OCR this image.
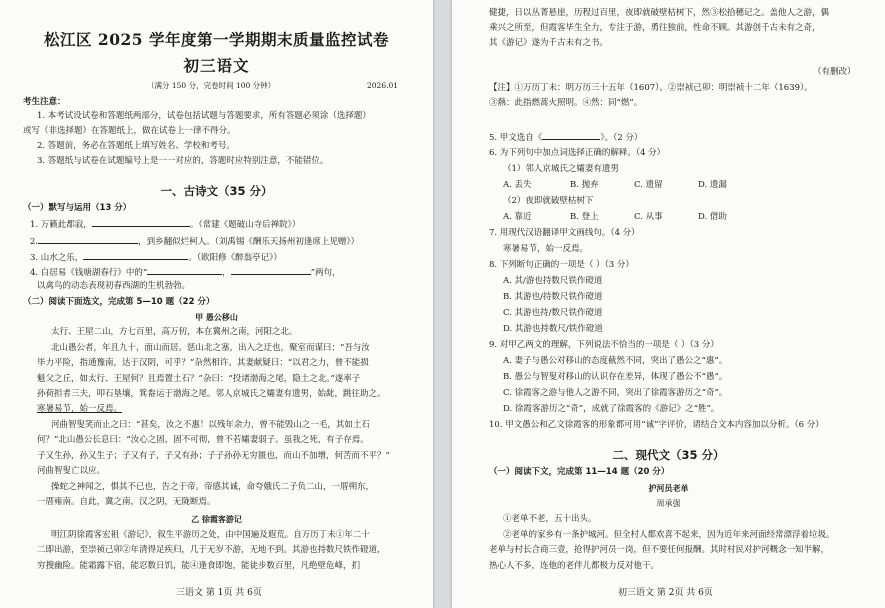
松江区 2025 学年度第一学期期末质量监控试卷
初三语文
（满分 150 分，完卷时间 100 分钟）	2026.01
考生注意：
1. 本考试设试卷和答题纸两部分，试卷包括试题与答题要求，所有答题必须涂（选择题）
或写（非选择题）在答题纸上，做在试卷上一律不得分。
2. 答题前，务必在答题纸上填写姓名、学校和考号。
3. 答题纸与试卷在试题编号上是一一对应的，答题时应特别注意，不能错位。
一、古诗文（35 分）
（一）默写与运用（13 分）
1. 万籁此都寂，	。（常建《题破山寺后禅院》）
2.	，到乡翻似烂柯人。（刘禹锡《酬乐天扬州初逢席上见赠》）
3. 山水之乐，	。（欧阳修《醉翁亭记》）
4. 白居易《钱塘湖春行》中的“	，	”两句，
以禽鸟的动态表现初春西湖的生机勃勃。
（二）阅读下面选文，完成第 5—10 题（22 分）
甲 愚公移山
太行、王屋二山，方七百里，高万仞，本在冀州之南，河阳之北。
北山愚公者，年且九十，面山而居。惩山北之塞，出入之迂也，聚室而谋曰：“吾与汝
毕力平险，指通豫南，达于汉阴，可乎？”杂然相许。其妻献疑曰：“以君之力，曾不能损
魁父之丘，如太行、王屋何？且焉置土石？”杂曰：“投诸渤海之尾，隐土之北。”遂率子
孙荷担者三夫，叩石垦壤，箕畚运于渤海之尾。邻人京城氏之孀妻有遗男，始龀，跳往助之。
寒暑易节，始一反焉。
河曲智叟笑而止之曰：“甚矣，汝之不惠！以残年余力，曾不能毁山之一毛，其如土石
何？”北山愚公长息曰：“汝心之固，固不可彻，曾不若孀妻弱子。虽我之死，有子存焉。
子又生孙，孙又生子；子又有子，子又有孙；子子孙孙无穷匮也，而山不加增，何苦而不平？”
河曲智叟亡以应。
操蛇之神闻之，惧其不已也，告之于帝。帝感其诚，命夸娥氏二子负二山，一厝朔东，
一厝雍南。自此，冀之南，汉之阴，无陇断焉。
乙 徐霞客游记
明江阴徐霞客宏祖《游记》，叙生平游历之处，由中国遍及遐荒。自万历丁未①年二十
二即出游，至崇祯己卯②年清得足疾归，几于无岁不游，无地不到。其游也持数尺铁作磴道，
穷搜幽险。能霜露下宿，能忍数日饥，能④逢食即饱，能徒步数百里，凡绝壁危峰，扪
三语文 第 1页 共 6页
健捷，日以丛菁悬崖，历程过百里，夜即就破壁枯树下，然③松拾穗记之。盖他人之游，偶
乘兴之所至，但霞客毕生全力，专注于游，勇往独前，性命不顾。其游创千古未有之奇，
其《游记》遂为千古未有之书。
（有删改）
【注】①万历丁未：明万历三十五年（1607）。②崇祯己卯：明崇祯十二年（1639）。
③爇：此指燃蒿火照明。④然：同“燃”。
5. 甲文选自《	》。（2 分）
6. 为下列句中加点词选择正确的解释。（4 分）
（1）邻人京城氏之孀妻有遗男
A. 丢失	B. 抛弃	C. 遗留	D. 遗漏
（2）夜即就破壁枯树下
A. 靠近	B. 登上	C. 从事	D. 借助
7. 用现代汉语翻译甲文画线句。（4 分）
寒暑易节，始一反焉。
8. 下列断句正确的一项是（ ）（3 分）
A. 其/游也持数尺铁作磴道
B. 其游也/持数尺铁作磴道
C. 其游也持/数尺铁作磴道
D. 其游也持数尺/铁作磴道
9. 对甲乙两文的理解，下列说法不恰当的一项是（ ）（3 分）
A. 妻子与愚公对移山的态度截然不同，突出了愚公之“惠”。
B. 愚公与智叟对移山的认识存在差异，体现了愚公不“愚”。
C. 徐霞客之游与他人之游不同，突出了徐霞客游历之“奇”。
D. 徐霞客游历之“奇”，成就了徐霞客的《游记》之“胜”。
10. 甲文愚公和乙文徐霞客的形象都可用“诚”字评价，请结合文本内容加以分析。（6 分）
二、现代文（35 分）
（一）阅读下文，完成第 11—14 题（20 分）
护河员老单
周承强
①老单不老，五十出头。
②老单的家乡有一条护城河。但全村人都欢喜不起来，因为近年来河面经常漂浮着垃圾。
老单与村长合商三壹，抢得护河员一岗，但不要任何报酬。其时村民对护河概念一知半解，
热心人不多，连他的老伴儿都极力反对他干。
初三语文 第 2页 共 6页
